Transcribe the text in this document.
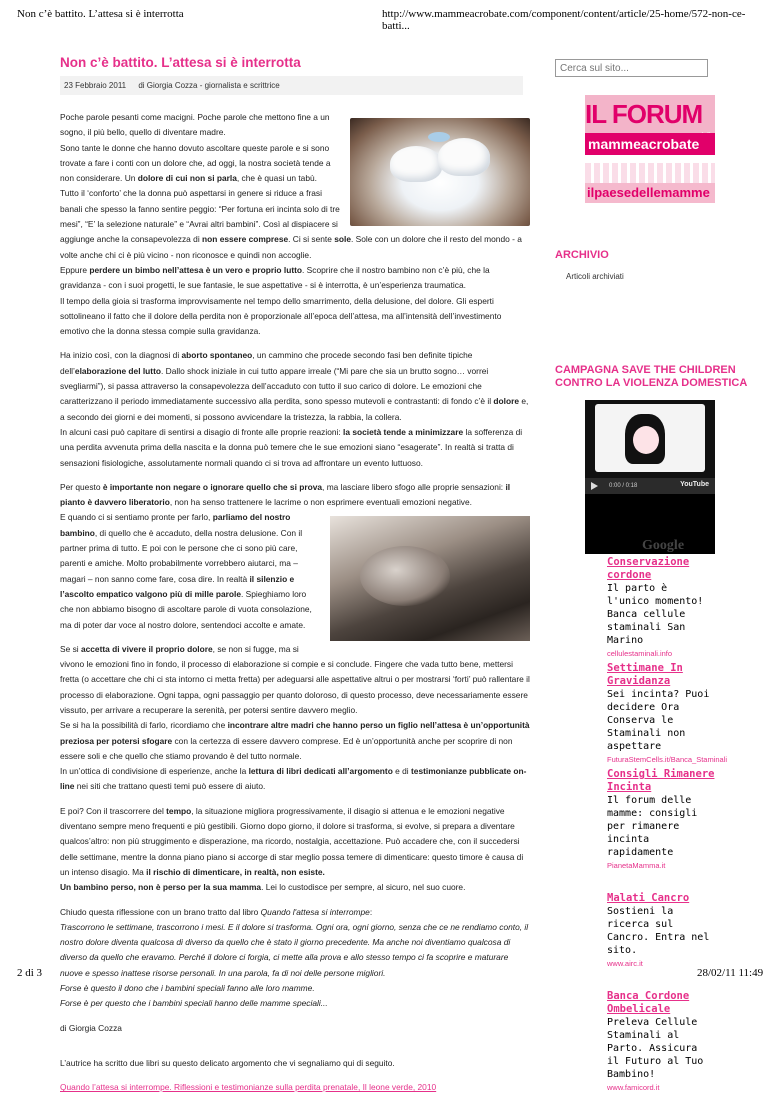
Non c’è battito. L’attesa si è interrotta	http://www.mammeacrobate.com/component/content/article/25-home/572-non-ce-batti...
Non c’è battito. L’attesa si è interrotta
23 Febbraio 2011 di Giorgia Cozza - giornalista e scrittrice

Poche parole pesanti come macigni. Poche parole che mettono fine a un sogno, il più bello, quello di diventare madre.
Sono tante le donne che hanno dovuto ascoltare queste parole e si sono trovate a fare i conti con un dolore che, ad oggi, la nostra società tende a non considerare. Un dolore di cui non si parla, che è quasi un tabù.
Tutto il ‘conforto’ che la donna può aspettarsi in genere si riduce a frasi banali che spesso la fanno sentire peggio: “Per fortuna eri incinta solo di tre mesi”, “E’ la selezione naturale” e “Avrai altri bambini”. Così al dispiacere si aggiunge anche la consapevolezza di non essere comprese. Ci si sente sole. Sole con un dolore che il resto del mondo - a volte anche chi ci è più vicino - non riconosce e quindi non accoglie.
Eppure perdere un bimbo nell’attesa è un vero e proprio lutto. Scoprire che il nostro bambino non c’è più, che la gravidanza - con i suoi progetti, le sue fantasie, le sue aspettative - si è interrotta, è un’esperienza traumatica.
Il tempo della gioia si trasforma improvvisamente nel tempo dello smarrimento, della delusione, del dolore. Gli esperti sottolineano il fatto che il dolore della perdita non è proporzionale all’epoca dell’attesa, ma all’intensità dell’investimento emotivo che la donna stessa compie sulla gravidanza.

Ha inizio così, con la diagnosi di aborto spontaneo, un cammino che procede secondo fasi ben definite tipiche dell’elaborazione del lutto. Dallo shock iniziale in cui tutto appare irreale (“Mi pare che sia un brutto sogno… vorrei svegliarmi”), si passa attraverso la consapevolezza dell’accaduto con tutto il suo carico di dolore. Le emozioni che caratterizzano il periodo immediatamente successivo alla perdita, sono spesso mutevoli e contrastanti: di fondo c’è il dolore e, a secondo dei giorni e dei momenti, si possono avvicendare la tristezza, la rabbia, la collera.
In alcuni casi può capitare di sentirsi a disagio di fronte alle proprie reazioni: la società tende a minimizzare la sofferenza di una perdita avvenuta prima della nascita e la donna può temere che le sue emozioni siano “esagerate”. In realtà si tratta di sensazioni fisiologiche, assolutamente normali quando ci si trova ad affrontare un evento luttuoso.

Per questo è importante non negare o ignorare quello che si prova, ma lasciare libero sfogo alle proprie sensazioni: il pianto è davvero liberatorio, non ha senso trattenere le lacrime o non esprimere eventuali emozioni negative.

E quando ci si sentiamo pronte per farlo, parliamo del nostro bambino, di quello che è accaduto, della nostra delusione. Con il partner prima di tutto. E poi con le persone che ci sono più care, parenti e amiche. Molto probabilmente vorrebbero aiutarci, ma – magari – non sanno come fare, cosa dire. In realtà il silenzio e l’ascolto empatico valgono più di mille parole. Spieghiamo loro che non abbiamo bisogno di ascoltare parole di vuota consolazione, ma di poter dar voce al nostro dolore, sentendoci accolte e amate.

Se si accetta di vivere il proprio dolore, se non si fugge, ma si vivono le emozioni fino in fondo, il processo di elaborazione si compie e si conclude. Fingere che vada tutto bene, mettersi fretta (o accettare che chi ci sta intorno ci metta fretta) per adeguarsi alle aspettative altrui o per mostrarsi ‘forti’ può rallentare il processo di elaborazione. Ogni tappa, ogni passaggio per quanto doloroso, di questo processo, deve necessariamente essere vissuto, per arrivare a recuperare la serenità, per potersi sentire davvero meglio.
Se si ha la possibilità di farlo, ricordiamo che incontrare altre madri che hanno perso un figlio nell’attesa è un’opportunità preziosa per potersi sfogare con la certezza di essere davvero comprese. Ed è un’opportunità anche per scoprire di non essere soli e che quello che stiamo provando è del tutto normale.
In un’ottica di condivisione di esperienze, anche la lettura di libri dedicati all’argomento e di testimonianze pubblicate on-line nei siti che trattano questi temi può essere di aiuto.

E poi? Con il trascorrere del tempo, la situazione migliora progressivamente, il disagio si attenua e le emozioni negative diventano sempre meno frequenti e più gestibili. Giorno dopo giorno, il dolore si trasforma, si evolve, si prepara a diventare qualcos’altro: non più struggimento e disperazione, ma ricordo, nostalgia, accettazione. Può accadere che, con il succedersi delle settimane, mentre la donna piano piano si accorge di star meglio possa temere di dimenticare: questo timore è causa di un intenso disagio. Ma il rischio di dimenticare, in realtà, non esiste.
Un bambino perso, non è perso per la sua mamma. Lei lo custodisce per sempre, al sicuro, nel suo cuore.

Chiudo questa riflessione con un brano tratto dal libro Quando l'attesa si interrompe:
Trascorrono le settimane, trascorrono i mesi. E il dolore si trasforma. Ogni ora, ogni giorno, senza che ce ne rendiamo conto, il nostro dolore diventa qualcosa di diverso da quello che è stato il giorno precedente. Ma anche noi diventiamo qualcosa di diverso da quello che eravamo. Perché il dolore ci forgia, ci mette alla prova e allo stesso tempo ci fa scoprire e maturare nuove e spesso inattese risorse personali. In una parola, fa di noi delle persone migliori.
Forse è questo il dono che i bambini speciali fanno alle loro mamme.
Forse è per questo che i bambini speciali hanno delle mamme speciali...

di Giorgia Cozza

L’autrice ha scritto due libri su questo delicato argomento che vi segnaliamo qui di seguito.

Quando l’attesa si interrompe. Riflessioni e testimonianze sulla perdita prenatale, Il leone verde, 2010
Cerca sul sito...
IL FORUM
mammeacrobate
ilpaesedellemamme
ARCHIVIO
Articoli archiviati
CAMPAGNA SAVE THE CHILDREN
CONTRO LA VIOLENZA DOMESTICA
0:00 / 0:18	YouTube
Annunci Google
Conservazione cordone
Il parto è l'unico momento! Banca cellule staminali San Marino
cellulestaminali.info
Settimane In Gravidanza
Sei incinta? Puoi decidere Ora Conserva le Staminali non aspettare
FuturaStemCells.it/Banca_Staminali
Consigli Rimanere Incinta
Il forum delle mamme: consigli per rimanere incinta rapidamente
PianetaMamma.it
Malati Cancro
Sostieni la ricerca sul Cancro. Entra nel sito.
www.airc.it
Banca Cordone Ombelicale
Preleva Cellule Staminali al Parto. Assicura il Futuro al Tuo Bambino!
www.famicord.it
2 di 3	28/02/11 11:49
